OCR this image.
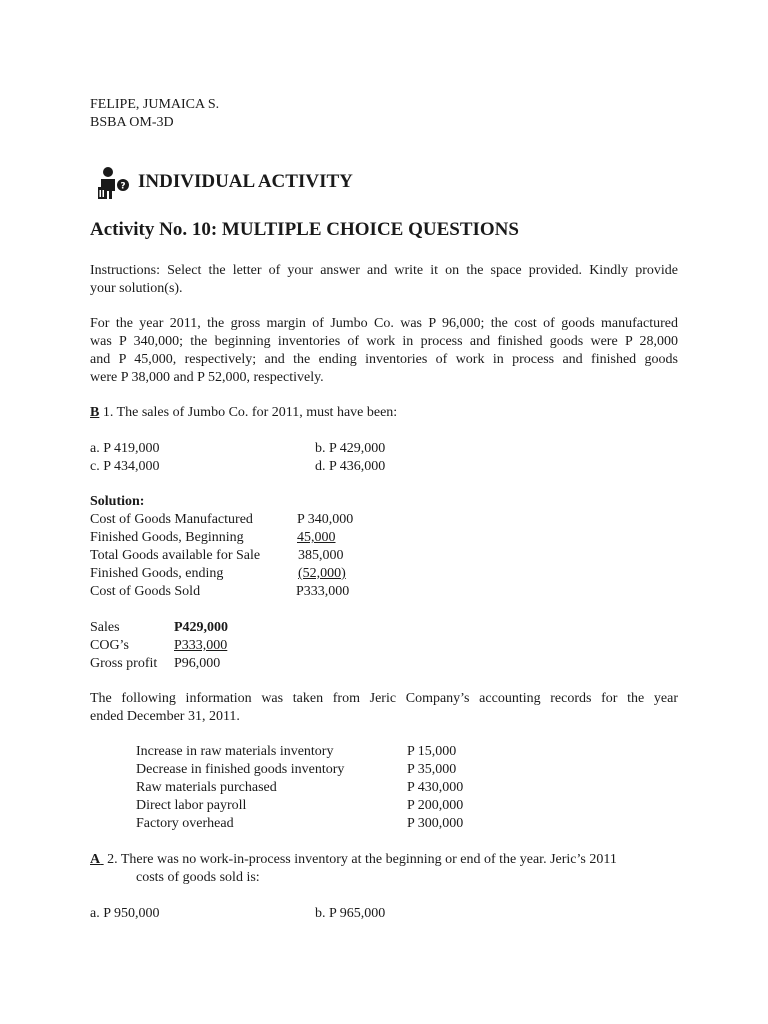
FELIPE, JUMAICA S.
BSBA OM-3D
? INDIVIDUAL ACTIVITY
Activity No. 10: MULTIPLE CHOICE QUESTIONS
Instructions: Select the letter of your answer and write it on the space provided. Kindly provide
your solution(s).
For the year 2011, the gross margin of Jumbo Co. was P 96,000; the cost of goods manufactured
was P 340,000; the beginning inventories of work in process and finished goods were P 28,000
and P 45,000, respectively; and the ending inventories of work in process and finished goods
were P 38,000 and P 52,000, respectively.
B 1. The sales of Jumbo Co. for 2011, must have been:
a. P 419,000	b. P 429,000
c. P 434,000	d. P 436,000
Solution:
Cost of Goods Manufactured	P 340,000
Finished Goods, Beginning	45,000
Total Goods available for Sale	385,000
Finished Goods, ending	(52,000)
Cost of Goods Sold	P333,000
Sales	P429,000
COG’s	P333,000
Gross profit P96,000
The following information was taken from Jeric Company’s accounting records for the year
ended December 31, 2011.
Increase in raw materials inventory	P 15,000
Decrease in finished goods inventory	P 35,000
Raw materials purchased	P 430,000
Direct labor payroll	P 200,000
Factory overhead	P 300,000
A  2. There was no work-in-process inventory at the beginning or end of the year. Jeric’s 2011
costs of goods sold is:
a. P 950,000	b. P 965,000
